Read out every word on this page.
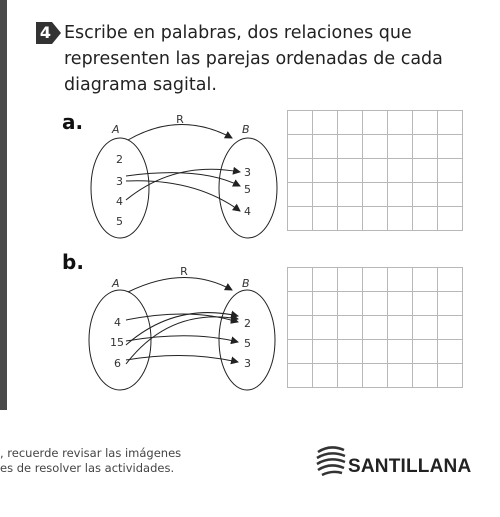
4 Escribe en palabras, dos relaciones que representen las parejas ordenadas de cada diagrama sagital.
a.	A	B
R
2
3
4
5
3
5
4

b.
A	B
R
4
15
6
2
5
3

, recuerde revisar las imágenes
es de resolver las actividades.	SANTILLANA
